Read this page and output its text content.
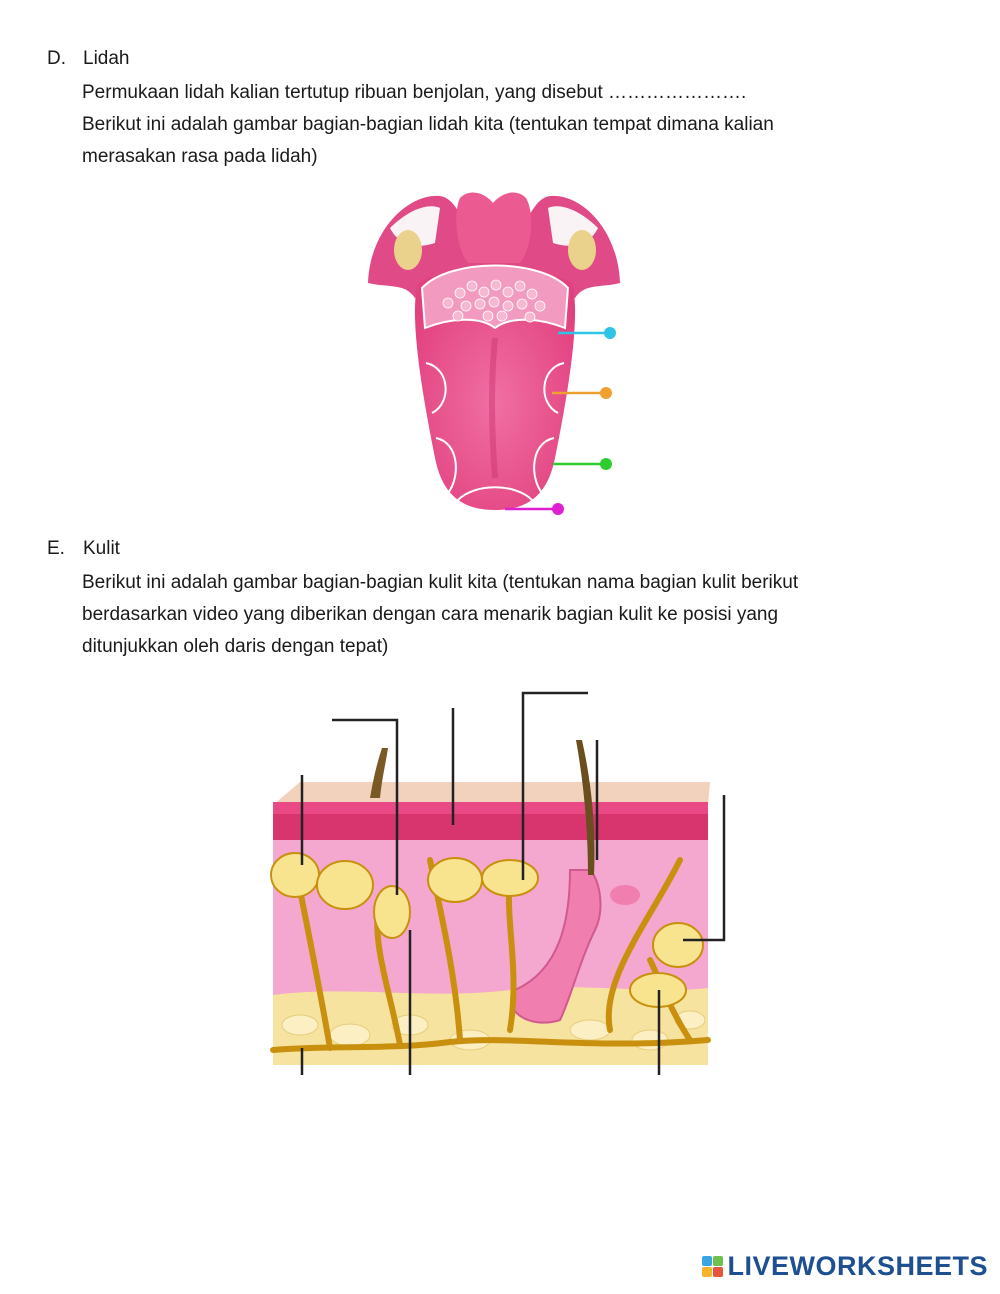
D. Lidah
Permukaan lidah kalian tertutup ribuan benjolan, yang disebut ………………….
Berikut ini adalah gambar bagian-bagian lidah kita (tentukan tempat dimana kalian
merasakan rasa pada lidah)
E. Kulit
Berikut ini adalah gambar bagian-bagian kulit kita (tentukan nama bagian kulit berikut
berdasarkan video yang diberikan dengan cara menarik bagian kulit ke posisi yang
ditunjukkan oleh daris dengan tepat)
LIVEWORKSHEETS
